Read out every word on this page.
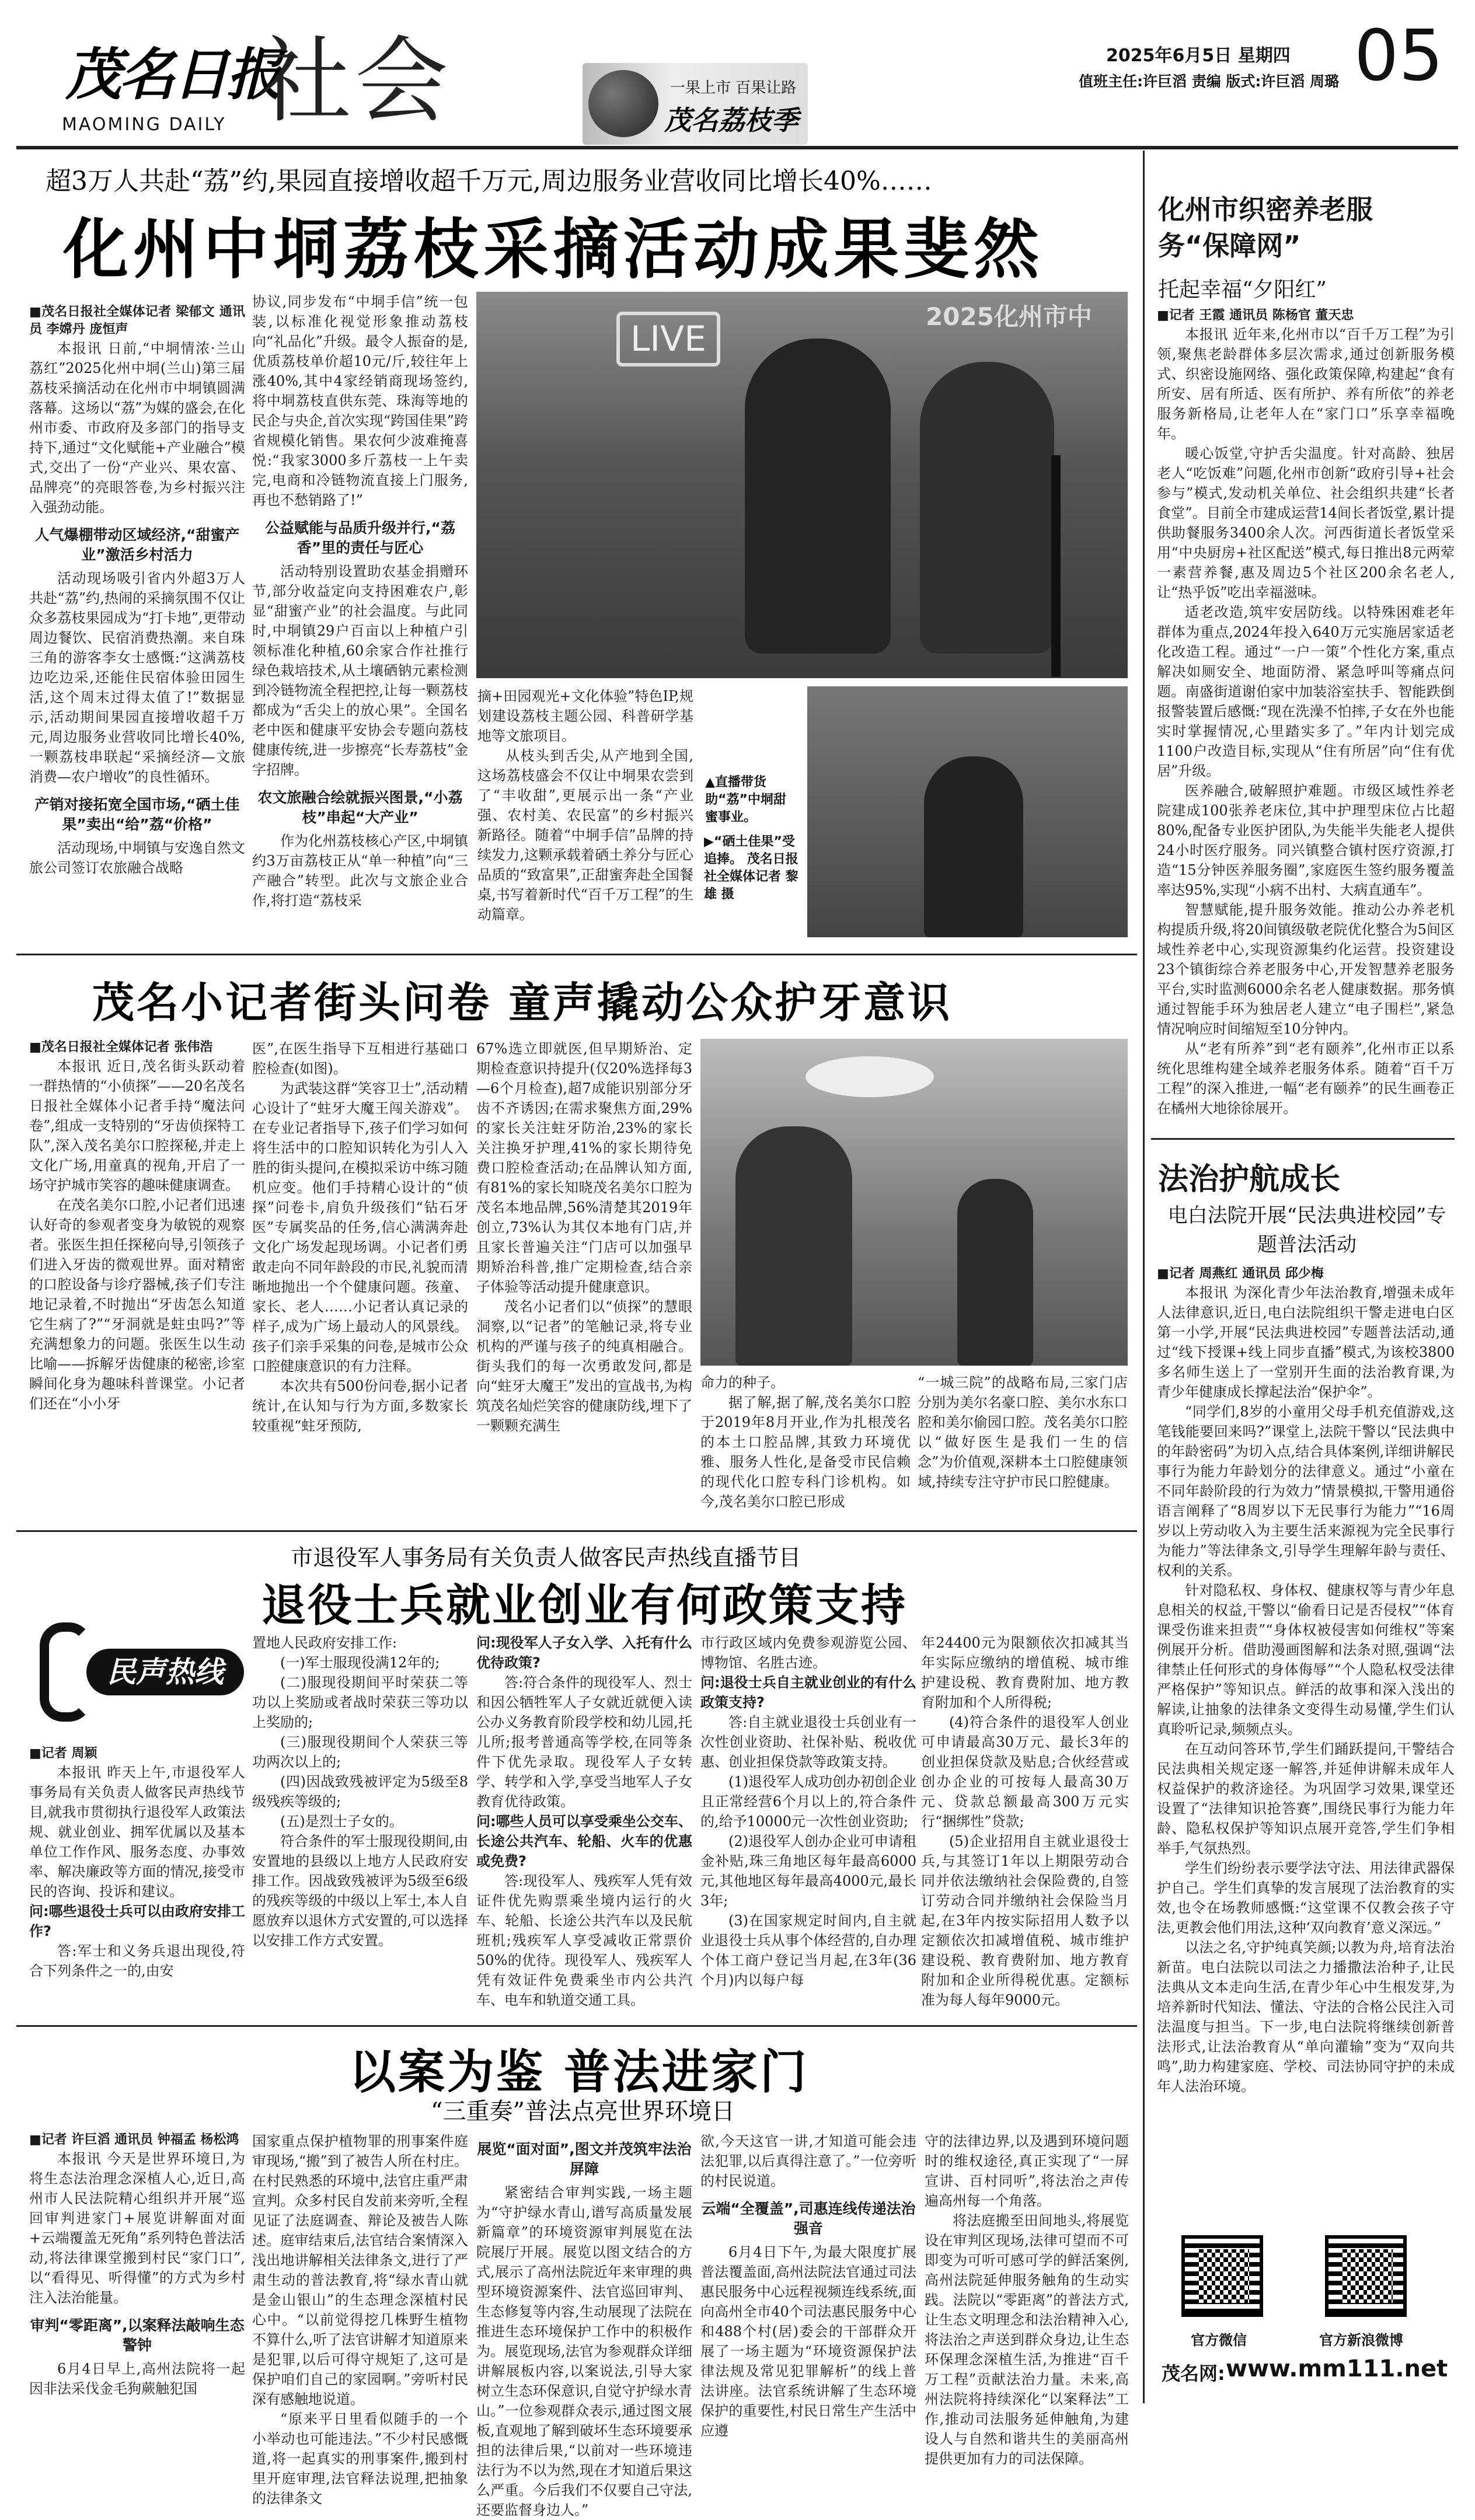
茂名日报
MAOMING DAILY 社会	一果上市 百果让路
茂名荔枝季
2025年6月5日 星期四
值班主任:许巨滔 责编 版式:许巨滔 周璐 05
超3万人共赴“荔”约,果园直接增收超千万元,周边服务业营收同比增长40%……
化州中垌荔枝采摘活动成果斐然

■茂名日报社全媒体记者 梁郁文 通讯员 李嫦丹 庞恒声

本报讯 日前,“中垌情浓·兰山荔红”2025化州中垌(兰山)第三届荔枝采摘活动在化州市中垌镇圆满落幕。这场以“荔”为媒的盛会,在化州市委、市政府及多部门的指导支持下,通过“文化赋能+产业融合”模式,交出了一份“产业兴、果农富、品牌亮”的亮眼答卷,为乡村振兴注入强劲动能。

人气爆棚带动区域经济,“甜蜜产业”激活乡村活力

活动现场吸引省内外超3万人共赴“荔”约,热闹的采摘氛围不仅让众多荔枝果园成为“打卡地”,更带动周边餐饮、民宿消费热潮。来自珠三角的游客李女士感慨:“这满荔枝边吃边采,还能住民宿体验田园生活,这个周末过得太值了!”数据显示,活动期间果园直接增收超千万元,周边服务业营收同比增长40%,一颗荔枝串联起“采摘经济—文旅消费—农户增收”的良性循环。

产销对接拓宽全国市场,“硒土佳果”卖出“给”荔“价格”

活动现场,中垌镇与安逸自然文旅公司签订农旅融合战略

协议,同步发布“中垌手信”统一包装,以标准化视觉形象推动荔枝向“礼品化”升级。最令人振奋的是,优质荔枝单价超10元/斤,较往年上涨40%,其中4家经销商现场签约,将中垌荔枝直供东莞、珠海等地的民企与央企,首次实现“跨国佳果”跨省规模化销售。果农何少波难掩喜悦:“我家3000多斤荔枝一上午卖完,电商和冷链物流直接上门服务,再也不愁销路了!”

公益赋能与品质升级并行,“荔香”里的责任与匠心

活动特别设置助农基金捐赠环节,部分收益定向支持困难农户,彰显“甜蜜产业”的社会温度。与此同时,中垌镇29户百亩以上种植户引领标准化种植,60余家合作社推行绿色栽培技术,从土壤硒钠元素检测到冷链物流全程把控,让每一颗荔枝都成为“舌尖上的放心果”。全国名老中医和健康平安协会专题向荔枝健康传统,进一步擦亮“长寿荔枝”金字招牌。

农文旅融合绘就振兴图景,“小荔枝”串起“大产业”

作为化州荔枝核心产区,中垌镇约3万亩荔枝正从“单一种植”向“三产融合”转型。此次与文旅企业合作,将打造“荔枝采

LIVE
2025化州市中
▲直播带货助“荔”中垌甜蜜事业。

摘+田园观光+文化体验”特色IP,规划建设荔枝主题公园、科普研学基地等文旅项目。

从枝头到舌尖,从产地到全国,这场荔枝盛会不仅让中垌果农尝到了“丰收甜”,更展示出一条“产业强、农村美、农民富”的乡村振兴新路径。随着“中垌手信”品牌的持续发力,这颗承载着硒土养分与匠心品质的“致富果”,正甜蜜奔赴全国餐桌,书写着新时代“百千万工程”的生动篇章。

▶“硒土佳果”受追捧。 茂名日报社全媒体记者 黎雄 摄
茂名小记者街头问卷 童声撬动公众护牙意识

■茂名日报社全媒体记者 张伟浩

本报讯 近日,茂名街头跃动着一群热情的“小侦探”——20名茂名日报社全媒体小记者手持“魔法问卷”,组成一支特别的“牙齿侦探特工队”,深入茂名美尔口腔探秘,并走上文化广场,用童真的视角,开启了一场守护城市笑容的趣味健康调查。

在茂名美尔口腔,小记者们迅速认好奇的参观者变身为敏锐的观察者。张医生担任探秘向导,引领孩子们进入牙齿的微观世界。面对精密的口腔设备与诊疗器械,孩子们专注地记录着,不时抛出“牙齿怎么知道它生病了?”“牙洞就是蛀虫吗?”等充满想象力的问题。张医生以生动比喻——拆解牙齿健康的秘密,诊室瞬间化身为趣味科普课堂。小记者们还在“小小牙

医”,在医生指导下互相进行基础口腔检查(如图)。

为武装这群“笑容卫士”,活动精心设计了“蛀牙大魔王闯关游戏”。在专业记者指导下,孩子们学习如何将生活中的口腔知识转化为引人入胜的街头提问,在模拟采访中练习随机应变。他们手持精心设计的“侦探”问卷卡,肩负升级孩们“钻石牙医”专属奖品的任务,信心满满奔赴文化广场发起现场调。小记者们勇敢走向不同年龄段的市民,礼貌而清晰地抛出一个个健康问题。孩童、家长、老人……小记者认真记录的样子,成为广场上最动人的风景线。孩子们亲手采集的问卷,是城市公众口腔健康意识的有力注释。

本次共有500份问卷,据小记者统计,在认知与行为方面,多数家长较重视“蛀牙预防,

67%选立即就医,但早期矫治、定期检查意识持提升(仅20%选择每3—6个月检查),超7成能识别部分牙齿不齐诱因;在需求聚焦方面,29%的家长关注蛀牙防治,23%的家长关注换牙护理,41%的家长期待免费口腔检查活动;在品牌认知方面,有81%的家长知晓茂名美尔口腔为茂名本地品牌,56%清楚其2019年创立,73%认为其仅本地有门店,并且家长普遍关注“门店可以加强早期矫治科普,推广定期检查,结合亲子体验等活动提升健康意识。

茂名小记者们以“侦探”的慧眼洞察,以“记者”的笔触记录,将专业机构的严谨与孩子的纯真相融合。街头我们的每一次勇敢发问,都是向“蛀牙大魔王”发出的宣战书,为构筑茂名灿烂笑容的健康防线,埋下了一颗颗充满生

命力的种子。

据了解,据了解,茂名美尔口腔于2019年8月开业,作为扎根茂名的本土口腔品牌,其致力环境优雅、服务人性化,是备受市民信赖的现代化口腔专科门诊机构。如今,茂名美尔口腔已形成

“一城三院”的战略布局,三家门店分别为美尔名豪口腔、美尔水东口腔和美尔偷园口腔。茂名美尔口腔以“做好医生是我们一生的信念”为价值观,深耕本土口腔健康领域,持续专注守护市民口腔健康。

市退役军人事务局有关负责人做客民声热线直播节目
退役士兵就业创业有何政策支持
民声热线

■记者 周颖

本报讯 昨天上午,市退役军人事务局有关负责人做客民声热线节目,就我市贯彻执行退役军人政策法规、就业创业、拥军优属以及基本单位工作作风、服务态度、办事效率、解决廉政等方面的情况,接受市民的咨询、投诉和建议。

问:哪些退役士兵可以由政府安排工作?

答:军士和义务兵退出现役,符合下列条件之一的,由安

置地人民政府安排工作:

(一)军士服现役满12年的;

(二)服现役期间平时荣获二等功以上奖励或者战时荣获三等功以上奖励的;

(三)服现役期间个人荣获三等功两次以上的;

(四)因战致残被评定为5级至8级残疾等级的;

(五)是烈士子女的。

符合条件的军士服现役期间,由安置地的县级以上地方人民政府安排工作。因战致残被评为5级至6级的残疾等级的中级以上军士,本人自愿放弃以退休方式安置的,可以选择以安排工作方式安置。

问:现役军人子女入学、入托有什么优待政策?

答:符合条件的现役军人、烈士和因公牺牲军人子女就近就便入读公办义务教育阶段学校和幼儿园,托儿所;报考普通高等学校,在同等条件下优先录取。现役军人子女转学、转学和入学,享受当地军人子女教育优待政策。

问:哪些人员可以享受乘坐公交车、长途公共汽车、轮船、火车的优惠或免费?

答:现役军人、残疾军人凭有效证件优先购票乘坐境内运行的火车、轮船、长途公共汽车以及民航班机;残疾军人享受减收正常票价50%的优待。现役军人、残疾军人凭有效证件免费乘坐市内公共汽车、电车和轨道交通工具。

市行政区域内免费参观游览公园、博物馆、名胜古迹。

问:退役士兵自主就业创业的有什么政策支持?

答:自主就业退役士兵创业有一次性创业资助、社保补贴、税收优惠、创业担保贷款等政策支持。

(1)退役军人成功创办初创企业且正常经营6个月以上的,符合条件的,给予10000元一次性创业资助;

(2)退役军人创办企业可申请租金补贴,珠三角地区每年最高6000元,其他地区每年最高4000元,最长3年;

(3)在国家规定时间内,自主就业退役士兵从事个体经营的,自办理个体工商户登记当月起,在3年(36个月)内以每户每

年24400元为限额依次扣减其当年实际应缴纳的增值税、城市维护建设税、教育费附加、地方教育附加和个人所得税;

(4)符合条件的退役军人创业可申请最高30万元、最长3年的创业担保贷款及贴息;合伙经营或创办企业的可按每人最高30万元、贷款总额最高300万元实行“捆绑性”贷款;

(5)企业招用自主就业退役士兵,与其签订1年以上期限劳动合同并依法缴纳社会保险费的,自签订劳动合同并缴纳社会保险当月起,在3年内按实际招用人数予以定额依次扣减增值税、城市维护建设税、教育费附加、地方教育附加和企业所得税优惠。定额标准为每人每年9000元。

以案为鉴 普法进家门
“三重奏”普法点亮世界环境日

■记者 许巨滔 通讯员 钟福孟 杨松鸿

本报讯 今天是世界环境日,为将生态法治理念深植人心,近日,高州市人民法院精心组织并开展“巡回审判进家门+展览讲解面对面+云端覆盖无死角”系列特色普法活动,将法律课堂搬到村民“家门口”,以“看得见、听得懂”的方式为乡村注入法治能量。

审判“零距离”,以案释法敲响生态警钟

6月4日早上,高州法院将一起因非法采伐金毛狗蕨触犯国

国家重点保护植物罪的刑事案件庭审现场,“搬”到了被告人所在村庄。在村民熟悉的环境中,法官庄重严肃宣判。众多村民自发前来旁听,全程见证了法庭调查、辩论及被告人陈述。庭审结束后,法官结合案情深入浅出地讲解相关法律条文,进行了严肃生动的普法教育,将“绿水青山就是金山银山”的生态理念深植村民心中。“以前觉得挖几株野生植物不算什么,听了法官讲解才知道原来是犯罪,以后可得守规矩了,这可是保护咱们自己的家园啊。”旁听村民深有感触地说道。

“原来平日里看似随手的一个小举动也可能违法。”不少村民感慨道,将一起真实的刑事案件,搬到村里开庭审理,法官释法说理,把抽象的法律条文

展览“面对面”,图文并茂筑牢法治屏障

紧密结合审判实践,一场主题为“守护绿水青山,谱写高质量发展新篇章”的环境资源审判展览在法院展厅开展。展览以图文结合的方式,展示了高州法院近年来审理的典型环境资源案件、法官巡回审判、生态修复等内容,生动展现了法院在推进生态环境保护工作中的积极作为。展览现场,法官为参观群众详细讲解展板内容,以案说法,引导大家树立生态环保意识,自觉守护绿水青山。”一位参观群众表示,通过图文展板,直观地了解到破坏生态环境要承担的法律后果,“以前对一些环境违法行为不以为然,现在才知道后果这么严重。今后我们不仅要自己守法,还要监督身边人。”

欲,今天这官一讲,才知道可能会违法犯罪,以后真得注意了。”一位旁听的村民说道。

云端“全覆盖”,司惠连线传递法治强音

6月4日下午,为最大限度扩展普法覆盖面,高州法院法官通过司法惠民服务中心远程视频连线系统,面向高州全市40个司法惠民服务中心和488个村(居)委会的干部群众开展了一场主题为“环境资源保护法律法规及常见犯罪解析”的线上普法讲座。法官系统讲解了生态环境保护的重要性,村民日常生产生活中应遵

守的法律边界,以及遇到环境问题时的维权途径,真正实现了“一屏宣讲、百村同听”,将法治之声传遍高州每一个角落。

将法庭搬至田间地头,将展览设在审判区现场,法律可望而不可即变为可听可感可学的鲜活案例,高州法院延伸服务触角的生动实践。法院以“零距离”的普法方式,让生态文明理念和法治精神入心,将法治之声送到群众身边,让生态环保理念深植生活,为推进“百千万工程”贡献法治力量。未来,高州法院将持续深化“以案释法”工作,推动司法服务延伸触角,为建设人与自然和谐共生的美丽高州提供更加有力的司法保障。

化州市织密养老服务“保障网”
托起幸福“夕阳红”

■记者 王霞 通讯员 陈杨官 董天忠

本报讯 近年来,化州市以“百千万工程”为引领,聚焦老龄群体多层次需求,通过创新服务模式、织密设施网络、强化政策保障,构建起“食有所安、居有所适、医有所护、养有所依”的养老服务新格局,让老年人在“家门口”乐享幸福晚年。

暖心饭堂,守护舌尖温度。针对高龄、独居老人“吃饭难”问题,化州市创新“政府引导+社会参与”模式,发动机关单位、社会组织共建“长者食堂”。目前全市建成运营14间长者饭堂,累计提供助餐服务3400余人次。河西街道长者饭堂采用“中央厨房+社区配送”模式,每日推出8元两荤一素营养餐,惠及周边5个社区200余名老人,让“热乎饭”吃出幸福滋味。

适老改造,筑牢安居防线。以特殊困难老年群体为重点,2024年投入640万元实施居家适老化改造工程。通过“一户一策”个性化方案,重点解决如厕安全、地面防滑、紧急呼叫等痛点问题。南盛街道谢伯家中加装浴室扶手、智能跌倒报警装置后感慨:“现在洗澡不怕摔,子女在外也能实时掌握情况,心里踏实多了。”年内计划完成1100户改造目标,实现从“住有所居”向“住有优居”升级。

医养融合,破解照护难题。市级区域性养老院建成100张养老床位,其中护理型床位占比超80%,配备专业医护团队,为失能半失能老人提供24小时医疗服务。同兴镇整合镇村医疗资源,打造“15分钟医养服务圈”,家庭医生签约服务覆盖率达95%,实现“小病不出村、大病直通车”。

智慧赋能,提升服务效能。推动公办养老机构提质升级,将20间镇级敬老院优化整合为5间区域性养老中心,实现资源集约化运营。投资建设23个镇街综合养老服务中心,开发智慧养老服务平台,实时监测6000余名老人健康数据。那务慎通过智能手环为独居老人建立“电子围栏”,紧急情况响应时间缩短至10分钟内。

从“老有所养”到“老有颐养”,化州市正以系统化思维构建全域养老服务体系。随着“百千万工程”的深入推进,一幅“老有颐养”的民生画卷正在橘州大地徐徐展开。

法治护航成长
电白法院开展“民法典进校园”专题普法活动

■记者 周燕红 通讯员 邱少梅

本报讯 为深化青少年法治教育,增强未成年人法律意识,近日,电白法院组织干警走进电白区第一小学,开展“民法典进校园”专题普法活动,通过“线下授课+线上同步直播”模式,为该校3800多名师生送上了一堂别开生面的法治教育课,为青少年健康成长撑起法治“保护伞”。

“同学们,8岁的小童用父母手机充值游戏,这笔钱能要回来吗?”课堂上,法院干警以“民法典中的年龄密码”为切入点,结合具体案例,详细讲解民事行为能力年龄划分的法律意义。通过“小童在不同年龄阶段的行为效力”情景模拟,干警用通俗语言阐释了“8周岁以下无民事行为能力”“16周岁以上劳动收入为主要生活来源视为完全民事行为能力”等法律条文,引导学生理解年龄与责任、权利的关系。

针对隐私权、身体权、健康权等与青少年息息相关的权益,干警以“偷看日记是否侵权”“体育课受伤谁来担责”“身体权被侵害如何维权”等案例展开分析。借助漫画图解和法条对照,强调“法律禁止任何形式的身体侮辱”“个人隐私权受法律严格保护”等知识点。鲜活的故事和深入浅出的解读,让抽象的法律条文变得生动易懂,学生们认真聆听记录,频频点头。

在互动问答环节,学生们踊跃提问,干警结合民法典相关规定逐一解答,并延伸讲解未成年人权益保护的救济途径。为巩固学习效果,课堂还设置了“法律知识抢答赛”,围绕民事行为能力年龄、隐私权保护等知识点展开竞答,学生们争相举手,气氛热烈。

学生们纷纷表示要学法守法、用法律武器保护自己。学生们真挚的发言展现了法治教育的实效,也令在场教师感慨:“这堂课不仅教会孩子守法,更教会他们用法,这种‘双向教育’意义深远。”

以法之名,守护纯真笑颜;以教为舟,培育法治新苗。电白法院以司法之力播撒法治种子,让民法典从文本走向生活,在青少年心中生根发芽,为培养新时代知法、懂法、守法的合格公民注入司法温度与担当。下一步,电白法院将继续创新普法形式,让法治教育从“单向灌输”变为“双向共鸣”,助力构建家庭、学校、司法协同守护的未成年人法治环境。

官方微信	官方新浪微博
茂名网: www.mm111.net
